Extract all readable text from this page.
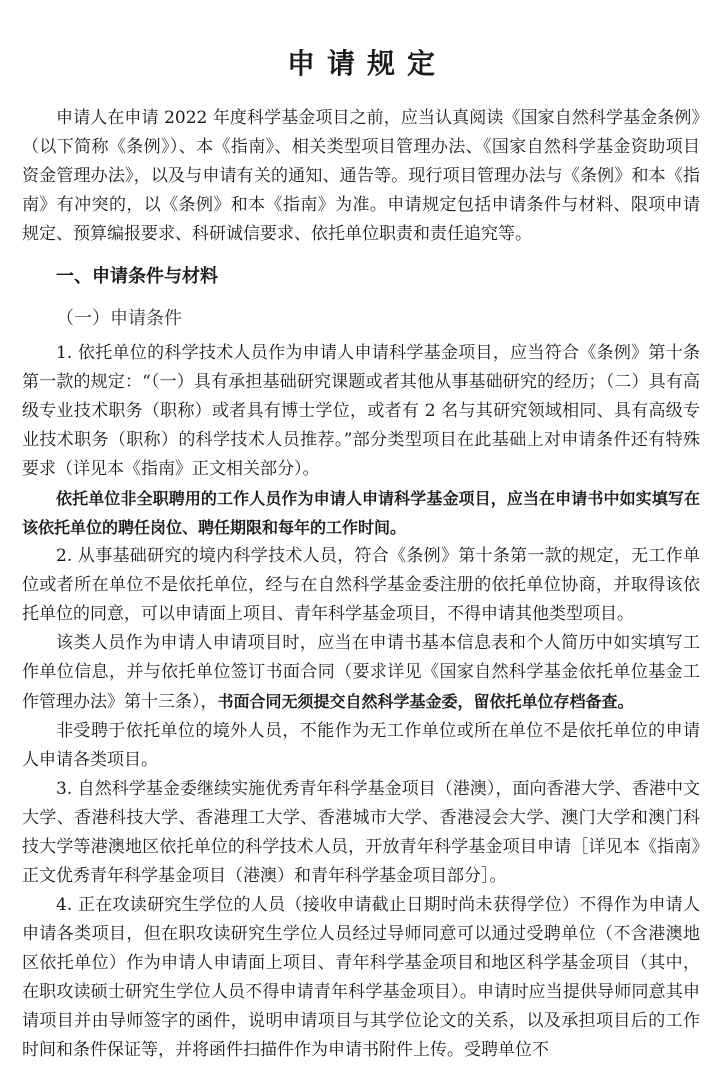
申请规定

申请人在申请 2022 年度科学基金项目之前，应当认真阅读《国家自然科学基金条例》（以下简称《条例》）、本《指南》、相关类型项目管理办法、《国家自然科学基金资助项目资金管理办法》，以及与申请有关的通知、通告等。现行项目管理办法与《条例》和本《指南》有冲突的，以《条例》和本《指南》为准。申请规定包括申请条件与材料、限项申请规定、预算编报要求、科研诚信要求、依托单位职责和责任追究等。

一、申请条件与材料
（一）申请条件

1. 依托单位的科学技术人员作为申请人申请科学基金项目，应当符合《条例》第十条第一款的规定：“（一）具有承担基础研究课题或者其他从事基础研究的经历；（二）具有高级专业技术职务（职称）或者具有博士学位，或者有 2 名与其研究领域相同、具有高级专业技术职务（职称）的科学技术人员推荐。”部分类型项目在此基础上对申请条件还有特殊要求（详见本《指南》正文相关部分）。

依托单位非全职聘用的工作人员作为申请人申请科学基金项目，应当在申请书中如实填写在该依托单位的聘任岗位、聘任期限和每年的工作时间。

2. 从事基础研究的境内科学技术人员，符合《条例》第十条第一款的规定，无工作单位或者所在单位不是依托单位，经与在自然科学基金委注册的依托单位协商，并取得该依托单位的同意，可以申请面上项目、青年科学基金项目，不得申请其他类型项目。

该类人员作为申请人申请项目时，应当在申请书基本信息表和个人简历中如实填写工作单位信息，并与依托单位签订书面合同（要求详见《国家自然科学基金依托单位基金工作管理办法》第十三条），书面合同无须提交自然科学基金委，留依托单位存档备查。

非受聘于依托单位的境外人员，不能作为无工作单位或所在单位不是依托单位的申请人申请各类项目。

3. 自然科学基金委继续实施优秀青年科学基金项目（港澳），面向香港大学、香港中文大学、香港科技大学、香港理工大学、香港城市大学、香港浸会大学、澳门大学和澳门科技大学等港澳地区依托单位的科学技术人员，开放青年科学基金项目申请［详见本《指南》正文优秀青年科学基金项目（港澳）和青年科学基金项目部分］。

4. 正在攻读研究生学位的人员（接收申请截止日期时尚未获得学位）不得作为申请人申请各类项目，但在职攻读研究生学位人员经过导师同意可以通过受聘单位（不含港澳地区依托单位）作为申请人申请面上项目、青年科学基金项目和地区科学基金项目（其中，在职攻读硕士研究生学位人员不得申请青年科学基金项目）。申请时应当提供导师同意其申请项目并由导师签字的函件，说明申请项目与其学位论文的关系，以及承担项目后的工作时间和条件保证等，并将函件扫描件作为申请书附件上传。受聘单位不
